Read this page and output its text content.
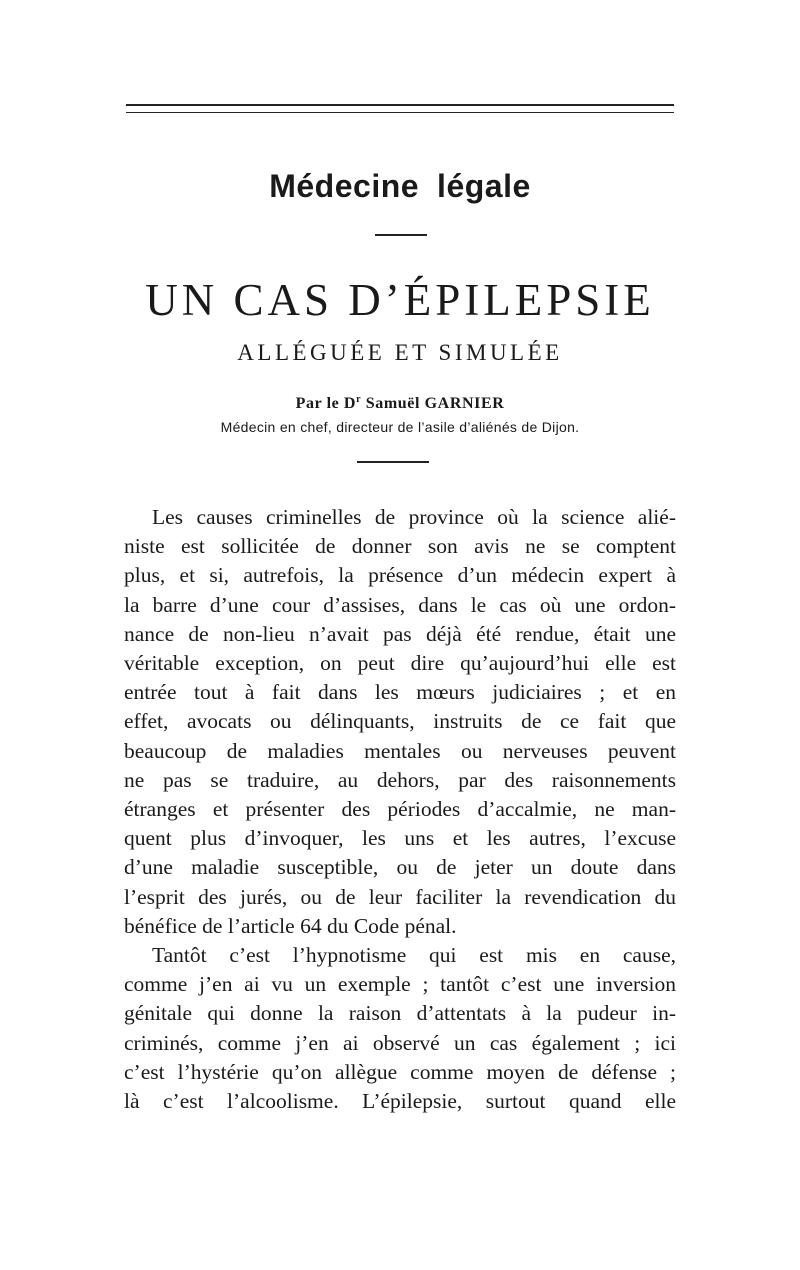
Médecine légale
UN CAS D’ÉPILEPSIE
ALLÉGUÉE ET SIMULÉE
Par le $D^r$ Samuël GARNIER
Médecin en chef, directeur de l’asile d’aliénés de Dijon.
Les causes criminelles de province où la science alié-
niste est sollicitée de donner son avis ne se comptent
plus, et si, autrefois, la présence d’un médecin expert à
la barre d’une cour d’assises, dans le cas où une ordon-
nance de non-lieu n’avait pas déjà été rendue, était une
véritable exception, on peut dire qu’aujourd’hui elle est
entrée tout à fait dans les mœurs judiciaires ; et en
effet, avocats ou délinquants, instruits de ce fait que
beaucoup de maladies mentales ou nerveuses peuvent
ne pas se traduire, au dehors, par des raisonnements
étranges et présenter des périodes d’accalmie, ne man-
quent plus d’invoquer, les uns et les autres, l’excuse
d’une maladie susceptible, ou de jeter un doute dans
l’esprit des jurés, ou de leur faciliter la revendication du
bénéfice de l’article 64 du Code pénal.
Tantôt c’est l’hypnotisme qui est mis en cause,
comme j’en ai vu un exemple ; tantôt c’est une inversion
génitale qui donne la raison d’attentats à la pudeur in-
criminés, comme j’en ai observé un cas également ; ici
c’est l’hystérie qu’on allègue comme moyen de défense ;
là c’est l’alcoolisme. L’épilepsie, surtout quand elle
